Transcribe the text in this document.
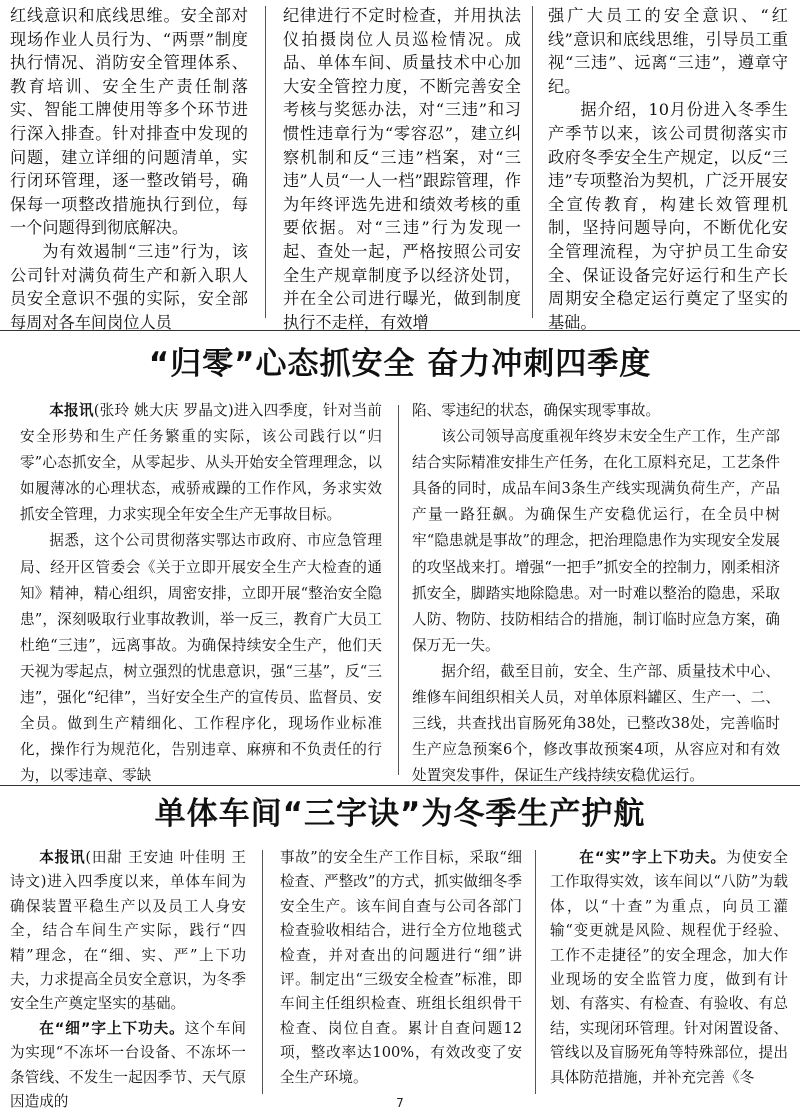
红线意识和底线思维。安全部对现场作业人员行为、“两票”制度执行情况、消防安全管理体系、教育培训、安全生产责任制落实、智能工牌使用等多个环节进行深入排查。针对排查中发现的问题，建立详细的问题清单，实行闭环管理，逐一整改销号，确保每一项整改措施执行到位，每一个问题得到彻底解决。

为有效遏制“三违”行为，该公司针对满负荷生产和新入职人员安全意识不强的实际，安全部每周对各车间岗位人员

纪律进行不定时检查，并用执法仪拍摄岗位人员巡检情况。成品、单体车间、质量技术中心加大安全管控力度，不断完善安全考核与奖惩办法，对“三违”和习惯性违章行为“零容忍”，建立纠察机制和反“三违”档案，对“三违”人员“一人一档”跟踪管理，作为年终评选先进和绩效考核的重要依据。对“三违”行为发现一起、查处一起，严格按照公司安全生产规章制度予以经济处罚，并在全公司进行曝光，做到制度执行不走样，有效增

强广大员工的安全意识、“红线”意识和底线思维，引导员工重视“三违”、远离“三违”，遵章守纪。

据介绍，10月份进入冬季生产季节以来，该公司贯彻落实市政府冬季安全生产规定，以反“三违”专项整治为契机，广泛开展安全宣传教育，构建长效管理机制，坚持问题导向，不断优化安全管理流程，为守护员工生命安全、保证设备完好运行和生产长周期安全稳定运行奠定了坚实的基础。

“归零”心态抓安全 奋力冲刺四季度

本报讯(张玲 姚大庆 罗晶文)进入四季度，针对当前安全形势和生产任务繁重的实际，该公司践行以“归零”心态抓安全，从零起步、从头开始安全管理理念，以如履薄冰的心理状态，戒骄戒躁的工作作风，务求实效抓安全管理，力求实现全年安全生产无事故目标。

据悉，这个公司贯彻落实鄂达市政府、市应急管理局、经开区管委会《关于立即开展安全生产大检查的通知》精神，精心组织，周密安排，立即开展“整治安全隐患”，深刻吸取行业事故教训，举一反三，教育广大员工杜绝“三违”，远离事故。为确保持续安全生产，他们天天视为零起点，树立强烈的忧患意识，强“三基”，反“三违”，强化“纪律”，当好安全生产的宣传员、监督员、安全员。做到生产精细化、工作程序化，现场作业标准化，操作行为规范化，告别违章、麻痹和不负责任的行为，以零违章、零缺

陷、零违纪的状态，确保实现零事故。

该公司领导高度重视年终岁末安全生产工作，生产部结合实际精准安排生产任务，在化工原料充足，工艺条件具备的同时，成品车间3条生产线实现满负荷生产，产品产量一路狂飙。为确保生产安稳优运行，在全员中树牢“隐患就是事故”的理念，把治理隐患作为实现安全发展的攻坚战来打。增强“一把手”抓安全的控制力，刚柔相济抓安全，脚踏实地除隐患。对一时难以整治的隐患，采取人防、物防、技防相结合的措施，制订临时应急方案，确保万无一失。

据介绍，截至目前，安全、生产部、质量技术中心、维修车间组织相关人员，对单体原料罐区、生产一、二、三线，共查找出盲肠死角38处，已整改38处，完善临时生产应急预案6个，修改事故预案4项，从容应对和有效处置突发事件，保证生产线持续安稳优运行。

单体车间“三字诀”为冬季生产护航

本报讯(田甜 王安迪 叶佳明 王诗文)进入四季度以来，单体车间为确保装置平稳生产以及员工人身安全，结合车间生产实际，践行“四精”理念，在“细、实、严”上下功夫，力求提高全员安全意识，为冬季安全生产奠定坚实的基础。

在“细”字上下功夫。这个车间为实现“不冻坏一台设备、不冻坏一条管线、不发生一起因季节、天气原因造成的

事故”的安全生产工作目标，采取“细检查、严整改”的方式，抓实做细冬季安全生产。该车间自查与公司各部门检查验收相结合，进行全方位地毯式检查，并对查出的问题进行“细”讲评。制定出“三级安全检查”标准，即车间主任组织检查、班组长组织骨干检查、岗位自查。累计自查问题12项，整改率达100%，有效改变了安全生产环境。

在“实”字上下功夫。为使安全工作取得实效，该车间以“八防”为载体，以“十查”为重点，向员工灌输“变更就是风险、规程优于经验、工作不走捷径”的安全理念，加大作业现场的安全监管力度，做到有计划、有落实、有检查、有验收、有总结，实现闭环管理。针对闲置设备、管线以及盲肠死角等特殊部位，提出具体防范措施，并补充完善《冬

7
